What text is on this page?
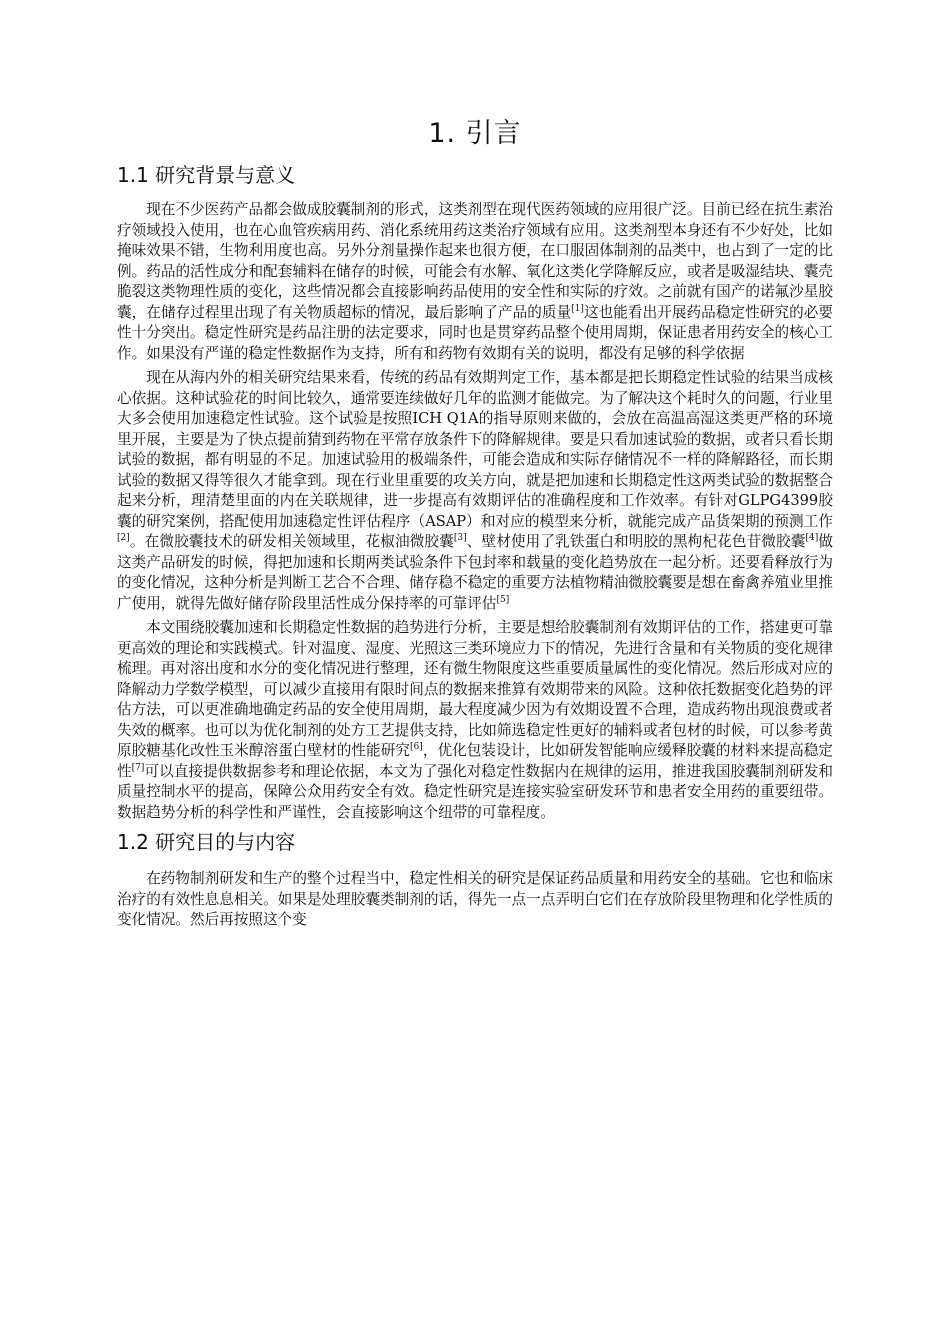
1. 引言
1.1 研究背景与意义

现在不少医药产品都会做成胶囊制剂的形式，这类剂型在现代医药领域的应用很广泛。目前已经在抗生素治疗领域投入使用，也在心血管疾病用药、消化系统用药这类治疗领域有应用。这类剂型本身还有不少好处，比如掩味效果不错，生物利用度也高。另外分剂量操作起来也很方便，在口服固体制剂的品类中，也占到了一定的比例。药品的活性成分和配套辅料在储存的时候，可能会有水解、氧化这类化学降解反应，或者是吸湿结块、囊壳脆裂这类物理性质的变化，这些情况都会直接影响药品使用的安全性和实际的疗效。之前就有国产的诺氟沙星胶囊，在储存过程里出现了有关物质超标的情况，最后影响了产品的质量[1]这也能看出开展药品稳定性研究的必要性十分突出。稳定性研究是药品注册的法定要求，同时也是贯穿药品整个使用周期，保证患者用药安全的核心工作。如果没有严谨的稳定性数据作为支持，所有和药物有效期有关的说明，都没有足够的科学依据

现在从海内外的相关研究结果来看，传统的药品有效期判定工作，基本都是把长期稳定性试验的结果当成核心依据。这种试验花的时间比较久，通常要连续做好几年的监测才能做完。为了解决这个耗时久的问题，行业里大多会使用加速稳定性试验。这个试验是按照ICH Q1A的指导原则来做的，会放在高温高湿这类更严格的环境里开展，主要是为了快点提前猜到药物在平常存放条件下的降解规律。要是只看加速试验的数据，或者只看长期试验的数据，都有明显的不足。加速试验用的极端条件，可能会造成和实际存储情况不一样的降解路径，而长期试验的数据又得等很久才能拿到。现在行业里重要的攻关方向，就是把加速和长期稳定性这两类试验的数据整合起来分析，理清楚里面的内在关联规律，进一步提高有效期评估的准确程度和工作效率。有针对GLPG4399胶囊的研究案例，搭配使用加速稳定性评估程序（ASAP）和对应的模型来分析，就能完成产品货架期的预测工作[2]。在微胶囊技术的研发相关领域里，花椒油微胶囊[3]、壁材使用了乳铁蛋白和明胶的黑枸杞花色苷微胶囊[4]做这类产品研发的时候，得把加速和长期两类试验条件下包封率和载量的变化趋势放在一起分析。还要看释放行为的变化情况，这种分析是判断工艺合不合理、储存稳不稳定的重要方法植物精油微胶囊要是想在畜禽养殖业里推广使用，就得先做好储存阶段里活性成分保持率的可靠评估[5]

本文围绕胶囊加速和长期稳定性数据的趋势进行分析，主要是想给胶囊制剂有效期评估的工作，搭建更可靠更高效的理论和实践模式。针对温度、湿度、光照这三类环境应力下的情况，先进行含量和有关物质的变化规律梳理。再对溶出度和水分的变化情况进行整理，还有微生物限度这些重要质量属性的变化情况。然后形成对应的降解动力学数学模型，可以减少直接用有限时间点的数据来推算有效期带来的风险。这种依托数据变化趋势的评估方法，可以更准确地确定药品的安全使用周期，最大程度减少因为有效期设置不合理，造成药物出现浪费或者失效的概率。也可以为优化制剂的处方工艺提供支持，比如筛选稳定性更好的辅料或者包材的时候，可以参考黄原胶糖基化改性玉米醇溶蛋白壁材的性能研究[6]，优化包装设计，比如研发智能响应缓释胶囊的材料来提高稳定性[7]可以直接提供数据参考和理论依据，本文为了强化对稳定性数据内在规律的运用，推进我国胶囊制剂研发和质量控制水平的提高，保障公众用药安全有效。稳定性研究是连接实验室研发环节和患者安全用药的重要纽带。数据趋势分析的科学性和严谨性，会直接影响这个纽带的可靠程度。

1.2 研究目的与内容

在药物制剂研发和生产的整个过程当中，稳定性相关的研究是保证药品质量和用药安全的基础。它也和临床治疗的有效性息息相关。如果是处理胶囊类制剂的话，得先一点一点弄明白它们在存放阶段里物理和化学性质的变化情况。然后再按照这个变
